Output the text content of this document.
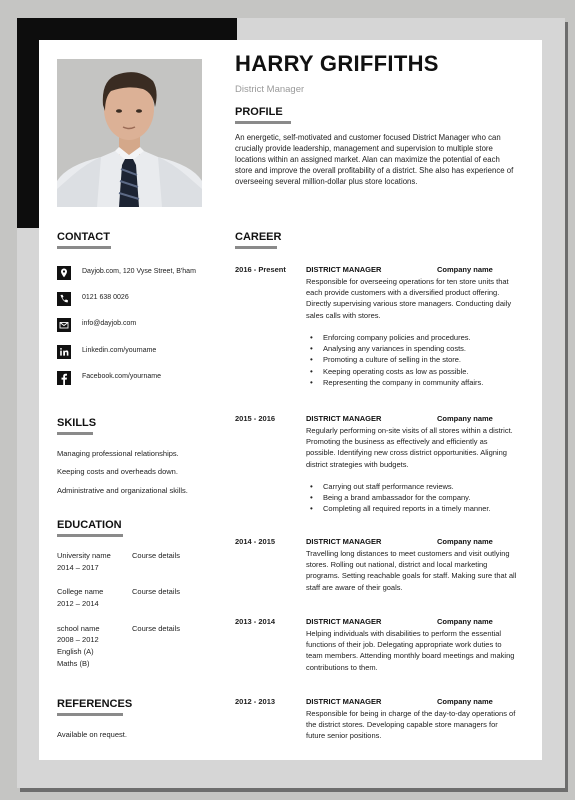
HARRY GRIFFITHS
District Manager
PROFILE
An energetic, self-motivated and customer focused District Manager who can crucially provide leadership, management and supervision to multiple store locations within an assigned market. Alan can maximize the potential of each store and improve the overall profitability of a district. She also has experience of overseeing several million-dollar plus store locations.
CONTACT
Dayjob.com, 120 Vyse Street, B'ham
0121 638 0026
info@dayjob.com
Linkedin.com/yourname
Facebook.com/yourname
SKILLS
Managing professional relationships.
Keeping costs and overheads down.
Administrative and organizational skills.
EDUCATION
University name	Course details
2014 – 2017
College name	Course details
2012 – 2014
school name	Course details
2008 – 2012
English (A)
Maths (B)
REFERENCES
Available on request.
CAREER
2016 - Present	DISTRICT MANAGER	Company name
Responsible for overseeing operations for ten store units that each provide customers with a diversified product offering. Directly supervising various store managers. Conducting daily sales calls with stores.
• Enforcing company policies and procedures.
• Analysing any variances in spending costs.
• Promoting a culture of selling in the store.
• Keeping operating costs as low as possible.
• Representing the company in community affairs.
2015 - 2016	DISTRICT MANAGER	Company name
Regularly performing on-site visits of all stores within a district. Promoting the business as effectively and efficiently as possible. Identifying new cross district opportunities. Aligning district strategies with budgets.
• Carrying out staff performance reviews.
• Being a brand ambassador for the company.
• Completing all required reports in a timely manner.
2014 - 2015	DISTRICT MANAGER	Company name
Travelling long distances to meet customers and visit outlying stores. Rolling out national, district and local marketing programs. Setting reachable goals for staff. Making sure that all staff are aware of their goals.
2013 - 2014	DISTRICT MANAGER	Company name
Helping individuals with disabilities to perform the essential functions of their job. Delegating appropriate work duties to team members. Attending monthly board meetings and making contributions to them.
2012 - 2013	DISTRICT MANAGER	Company name
Responsible for being in charge of the day-to-day operations of the district stores. Developing capable store managers for future senior positions.
